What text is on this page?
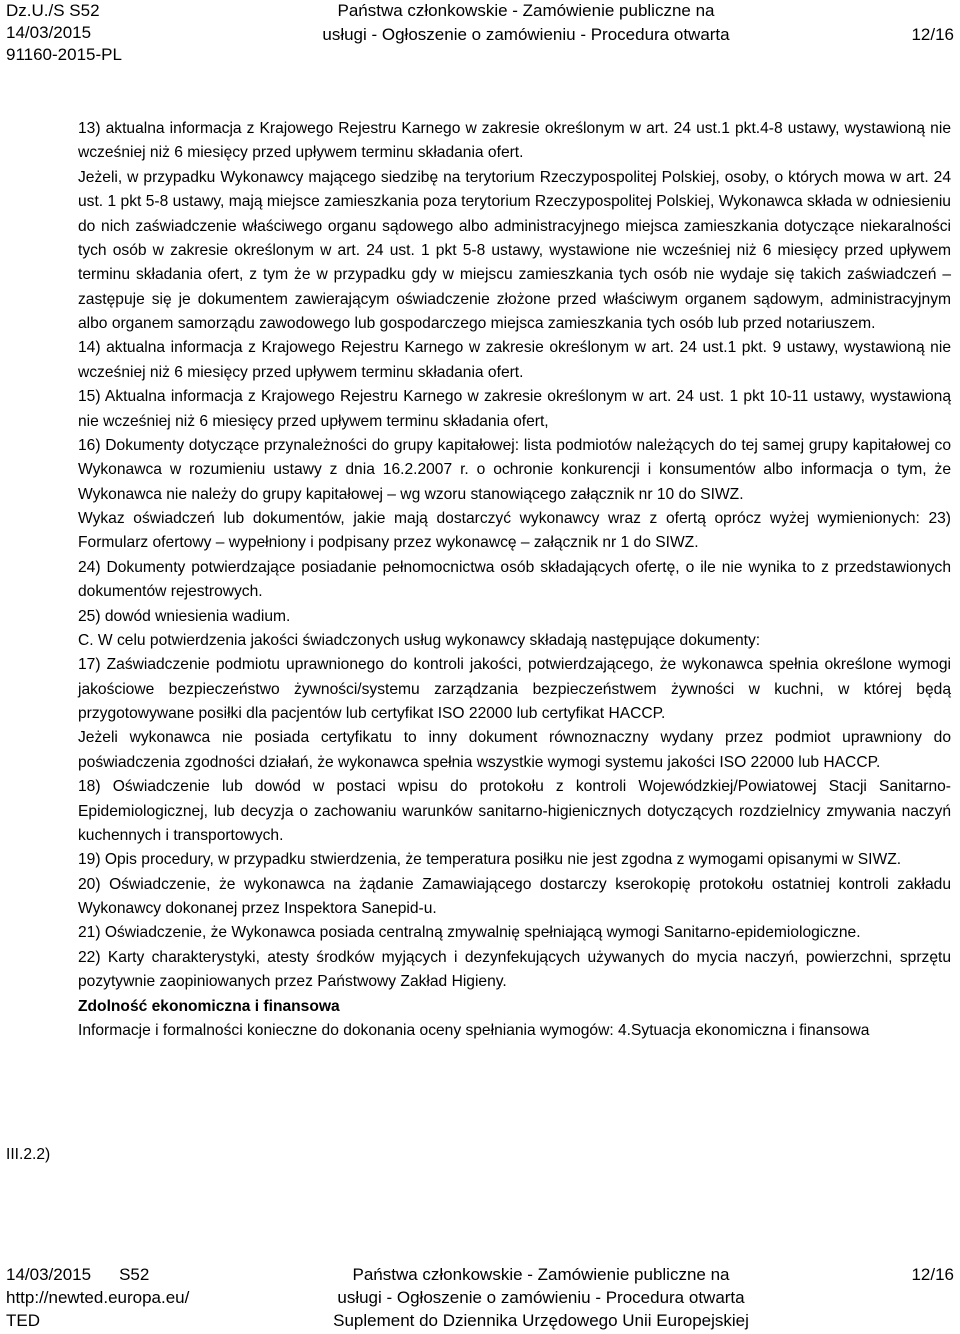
Dz.U./S S52
14/03/2015
91160-2015-PL
Państwa członkowskie - Zamówienie publiczne na
usługi - Ogłoszenie o zamówieniu - Procedura otwarta	12/16

13) aktualna informacja z Krajowego Rejestru Karnego w zakresie określonym w art. 24 ust.1 pkt.4-8 ustawy, wystawioną nie wcześniej niż 6 miesięcy przed upływem terminu składania ofert.

Jeżeli, w przypadku Wykonawcy mającego siedzibę na terytorium Rzeczypospolitej Polskiej, osoby, o których mowa w art. 24 ust. 1 pkt 5-8 ustawy, mają miejsce zamieszkania poza terytorium Rzeczypospolitej Polskiej, Wykonawca składa w odniesieniu do nich zaświadczenie właściwego organu sądowego albo administracyjnego miejsca zamieszkania dotyczące niekaralności tych osób w zakresie określonym w art. 24 ust. 1 pkt 5-8 ustawy, wystawione nie wcześniej niż 6 miesięcy przed upływem terminu składania ofert, z tym że w przypadku gdy w miejscu zamieszkania tych osób nie wydaje się takich zaświadczeń – zastępuje się je dokumentem zawierającym oświadczenie złożone przed właściwym organem sądowym, administracyjnym albo organem samorządu zawodowego lub gospodarczego miejsca zamieszkania tych osób lub przed notariuszem.

14) aktualna informacja z Krajowego Rejestru Karnego w zakresie określonym w art. 24 ust.1 pkt. 9 ustawy, wystawioną nie wcześniej niż 6 miesięcy przed upływem terminu składania ofert.

15) Aktualna informacja z Krajowego Rejestru Karnego w zakresie określonym w art. 24 ust. 1 pkt 10-11 ustawy, wystawioną nie wcześniej niż 6 miesięcy przed upływem terminu składania ofert,

16) Dokumenty dotyczące przynależności do grupy kapitałowej: lista podmiotów należących do tej samej grupy kapitałowej co Wykonawca w rozumieniu ustawy z dnia 16.2.2007 r. o ochronie konkurencji i konsumentów albo informacja o tym, że Wykonawca nie należy do grupy kapitałowej – wg wzoru stanowiącego załącznik nr 10 do SIWZ.

Wykaz oświadczeń lub dokumentów, jakie mają dostarczyć wykonawcy wraz z ofertą oprócz wyżej wymienionych: 23) Formularz ofertowy – wypełniony i podpisany przez wykonawcę – załącznik nr 1 do SIWZ.

24) Dokumenty potwierdzające posiadanie pełnomocnictwa osób składających ofertę, o ile nie wynika to z przedstawionych dokumentów rejestrowych.

25) dowód wniesienia wadium.

C. W celu potwierdzenia jakości świadczonych usług wykonawcy składają następujące dokumenty:

17) Zaświadczenie podmiotu uprawnionego do kontroli jakości, potwierdzającego, że wykonawca spełnia określone wymogi jakościowe bezpieczeństwo żywności/systemu zarządzania bezpieczeństwem żywności w kuchni, w której będą przygotowywane posiłki dla pacjentów lub certyfikat ISO 22000 lub certyfikat HACCP.

Jeżeli wykonawca nie posiada certyfikatu to inny dokument równoznaczny wydany przez podmiot uprawniony do poświadczenia zgodności działań, że wykonawca spełnia wszystkie wymogi systemu jakości ISO 22000 lub HACCP.

18) Oświadczenie lub dowód w postaci wpisu do protokołu z kontroli Wojewódzkiej/Powiatowej Stacji Sanitarno-Epidemiologicznej, lub decyzja o zachowaniu warunków sanitarno-higienicznych dotyczących rozdzielnicy zmywania naczyń kuchennych i transportowych.

19) Opis procedury, w przypadku stwierdzenia, że temperatura posiłku nie jest zgodna z wymogami opisanymi w SIWZ.

20) Oświadczenie, że wykonawca na żądanie Zamawiającego dostarczy kserokopię protokołu ostatniej kontroli zakładu Wykonawcy dokonanej przez Inspektora Sanepid-u.

21) Oświadczenie, że Wykonawca posiada centralną zmywalnię spełniającą wymogi Sanitarno-epidemiologiczne.

22) Karty charakterystyki, atesty środków myjących i dezynfekujących używanych do mycia naczyń, powierzchni, sprzętu pozytywnie zaopiniowanych przez Państwowy Zakład Higieny.

Zdolność ekonomiczna i finansowa

Informacje i formalności konieczne do dokonania oceny spełniania wymogów: 4.Sytuacja ekonomiczna i finansowa

III.2.2)
14/03/2015 S52
http://newted.europa.eu/
TED
Państwa członkowskie - Zamówienie publiczne na
usługi - Ogłoszenie o zamówieniu - Procedura otwarta
Suplement do Dziennika Urzędowego Unii Europejskiej
12/16
